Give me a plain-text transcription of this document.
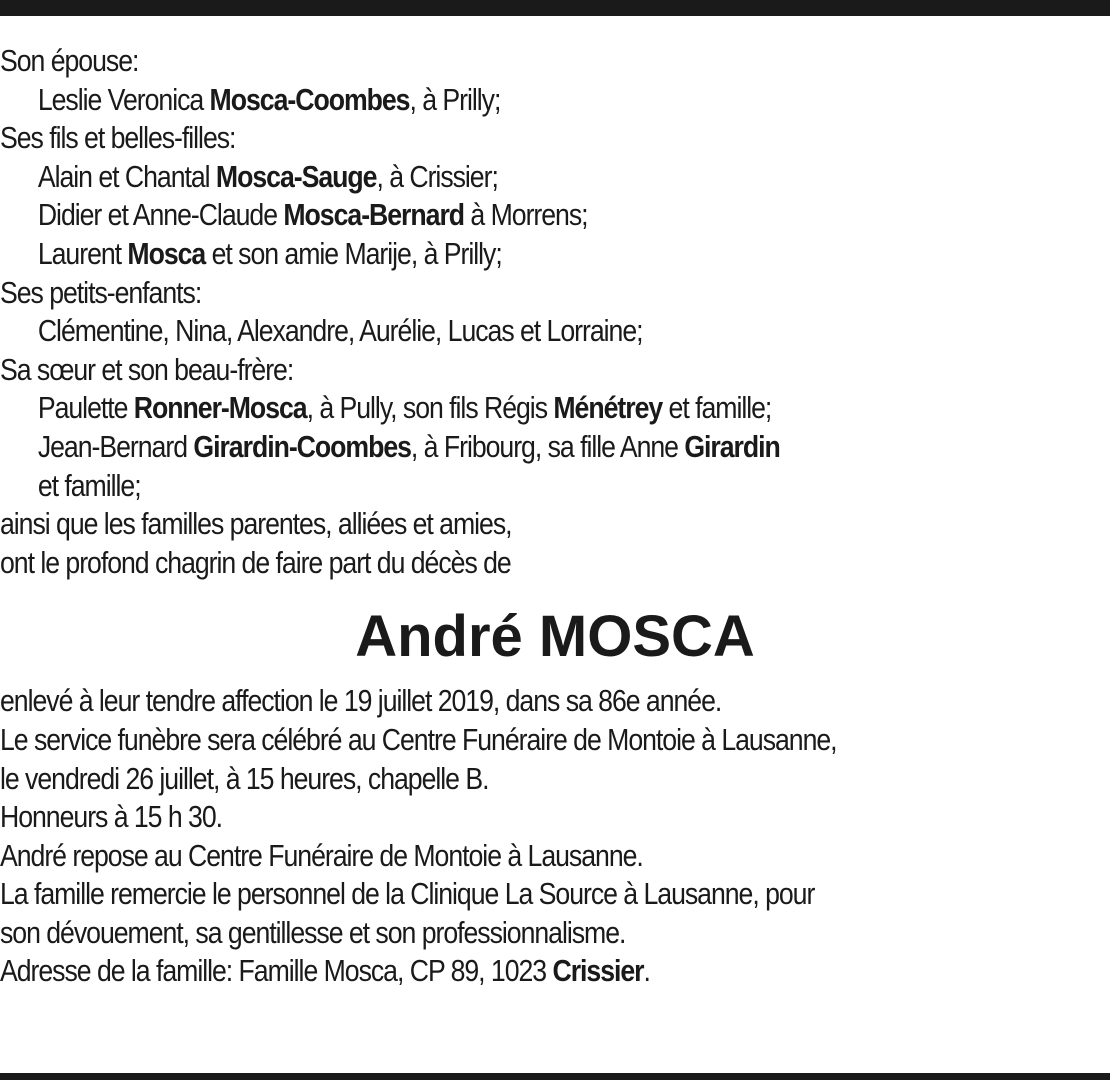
Son épouse:
Leslie Veronica Mosca-Coombes, à Prilly;
Ses fils et belles-filles:
Alain et Chantal Mosca-Sauge, à Crissier;
Didier et Anne-Claude Mosca-Bernard à Morrens;
Laurent Mosca et son amie Marije, à Prilly;
Ses petits-enfants:
Clémentine, Nina, Alexandre, Aurélie, Lucas et Lorraine;
Sa sœur et son beau-frère:
Paulette Ronner-Mosca, à Pully, son fils Régis Ménétrey et famille;
Jean-Bernard Girardin-Coombes, à Fribourg, sa fille Anne Girardin
et famille;
ainsi que les familles parentes, alliées et amies,
ont le profond chagrin de faire part du décès de
André MOSCA
enlevé à leur tendre affection le 19 juillet 2019, dans sa 86e année.
Le service funèbre sera célébré au Centre Funéraire de Montoie à Lausanne,
le vendredi 26 juillet, à 15 heures, chapelle B.
Honneurs à 15 h 30.
André repose au Centre Funéraire de Montoie à Lausanne.
La famille remercie le personnel de la Clinique La Source à Lausanne, pour
son dévouement, sa gentillesse et son professionnalisme.
Adresse de la famille: Famille Mosca, CP 89, 1023 Crissier.
